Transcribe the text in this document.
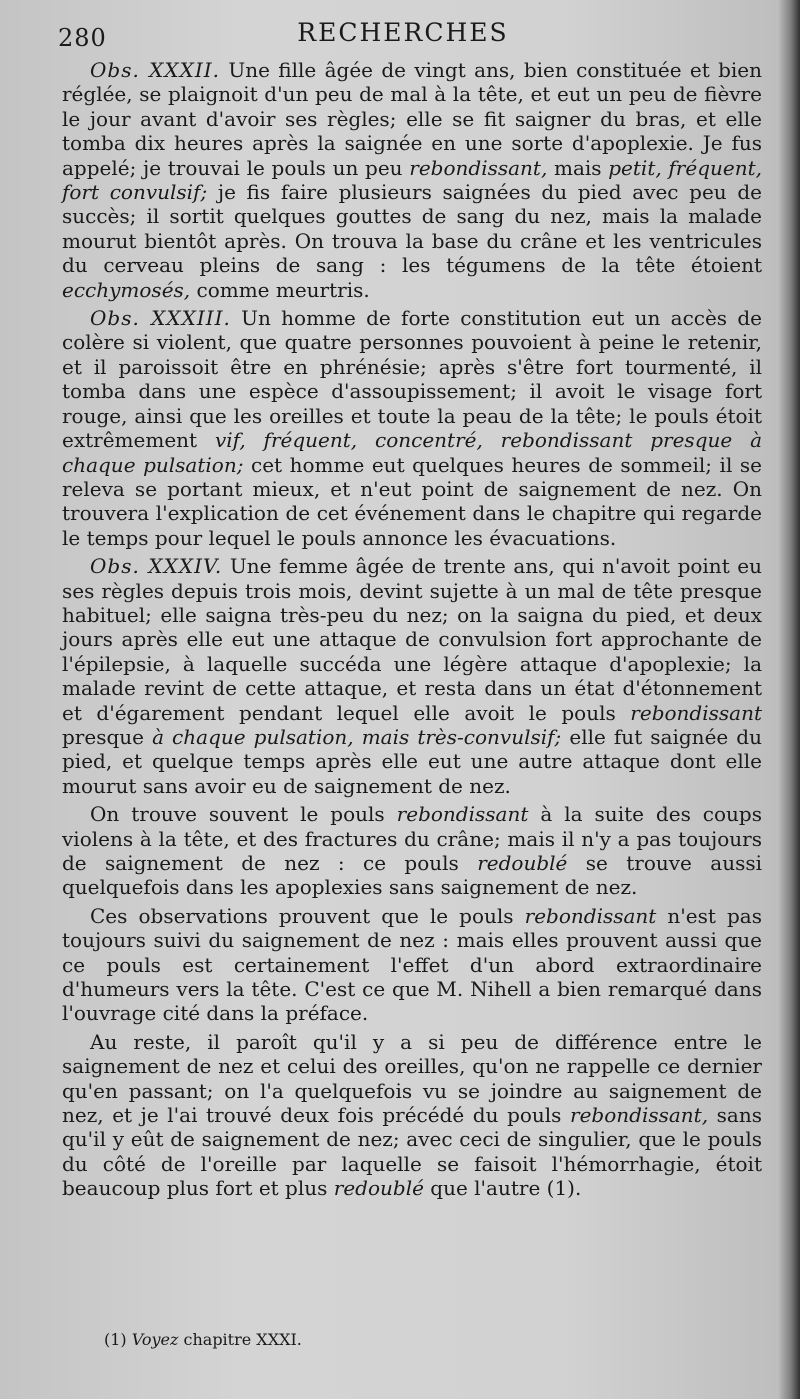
280	RECHERCHES

Obs. XXXII. Une fille âgée de vingt ans, bien constituée et bien réglée, se plaignoit d'un peu de mal à la tête, et eut un peu de fièvre le jour avant d'avoir ses règles; elle se fit saigner du bras, et elle tomba dix heures après la saignée en une sorte d'apoplexie. Je fus appelé; je trouvai le pouls un peu rebondissant, mais petit, fréquent, fort convulsif; je fis faire plusieurs saignées du pied avec peu de succès; il sortit quelques gouttes de sang du nez, mais la malade mourut bientôt après. On trouva la base du crâne et les ventricules du cerveau pleins de sang : les tégumens de la tête étoient ecchymosés, comme meurtris.

Obs. XXXIII. Un homme de forte constitution eut un accès de colère si violent, que quatre personnes pouvoient à peine le retenir, et il paroissoit être en phrénésie; après s'être fort tourmenté, il tomba dans une espèce d'assoupissement; il avoit le visage fort rouge, ainsi que les oreilles et toute la peau de la tête; le pouls étoit extrêmement vif, fréquent, concentré, rebondissant presque à chaque pulsation; cet homme eut quelques heures de sommeil; il se releva se portant mieux, et n'eut point de saignement de nez. On trouvera l'explication de cet événement dans le chapitre qui regarde le temps pour lequel le pouls annonce les évacuations.

Obs. XXXIV. Une femme âgée de trente ans, qui n'avoit point eu ses règles depuis trois mois, devint sujette à un mal de tête presque habituel; elle saigna très-peu du nez; on la saigna du pied, et deux jours après elle eut une attaque de convulsion fort approchante de l'épilepsie, à laquelle succéda une légère attaque d'apoplexie; la malade revint de cette attaque, et resta dans un état d'étonnement et d'égarement pendant lequel elle avoit le pouls rebondissant presque à chaque pulsation, mais très-convulsif; elle fut saignée du pied, et quelque temps après elle eut une autre attaque dont elle mourut sans avoir eu de saignement de nez.

On trouve souvent le pouls rebondissant à la suite des coups violens à la tête, et des fractures du crâne; mais il n'y a pas toujours de saignement de nez : ce pouls redoublé se trouve aussi quelquefois dans les apoplexies sans saignement de nez.

Ces observations prouvent que le pouls rebondissant n'est pas toujours suivi du saignement de nez : mais elles prouvent aussi que ce pouls est certainement l'effet d'un abord extraordinaire d'humeurs vers la tête. C'est ce que M. Nihell a bien remarqué dans l'ouvrage cité dans la préface.

Au reste, il paroît qu'il y a si peu de différence entre le saignement de nez et celui des oreilles, qu'on ne rappelle ce dernier qu'en passant; on l'a quelquefois vu se joindre au saignement de nez, et je l'ai trouvé deux fois précédé du pouls rebondissant, sans qu'il y eût de saignement de nez; avec ceci de singulier, que le pouls du côté de l'oreille par laquelle se faisoit l'hémorrhagie, étoit beaucoup plus fort et plus redoublé que l'autre (1).

(1) Voyez chapitre XXXI.
